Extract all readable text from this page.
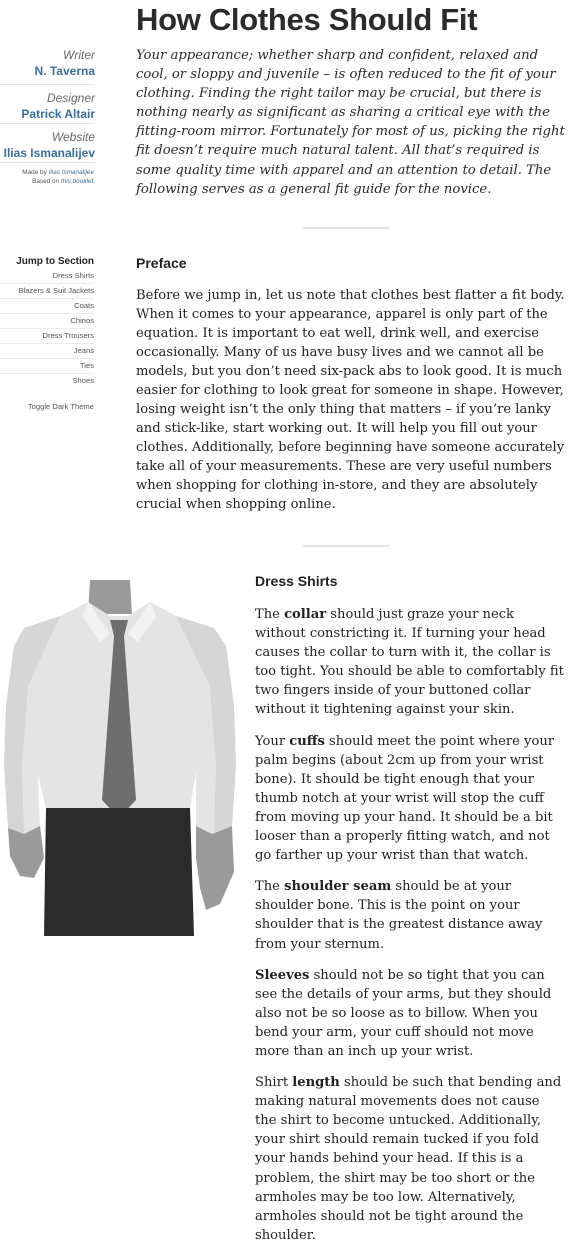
How Clothes Should Fit
Writer
N. Taverna
Designer
Patrick Altair
Website
Ilias Ismanalijev
Made by Ilias Ismanalijev.
Based on this booklet.

Your appearance; whether sharp and confident, relaxed and cool, or sloppy and juvenile – is often reduced to the fit of your clothing. Finding the right tailor may be crucial, but there is nothing nearly as significant as sharing a critical eye with the fitting-room mirror. Fortunately for most of us, picking the right fit doesn’t require much natural talent. All that’s required is some quality time with apparel and an attention to detail. The following serves as a general fit guide for the novice.

Jump to Section
Dress Shirts
Blazers & Suit Jackets
Coats
Chinos
Dress Trousers
Jeans
Ties
Shoes
Toggle Dark Theme
Preface

Before we jump in, let us note that clothes best flatter a fit body. When it comes to your appearance, apparel is only part of the equation. It is important to eat well, drink well, and exercise occasionally. Many of us have busy lives and we cannot all be models, but you don’t need six-pack abs to look good. It is much easier for clothing to look great for someone in shape. However, losing weight isn’t the only thing that matters – if you’re lanky and stick-like, start working out. It will help you fill out your clothes. Additionally, before beginning have someone accurately take all of your measurements. These are very useful numbers when shopping for clothing in-store, and they are absolutely crucial when shopping online.

Dress Shirts

The collar should just graze your neck without constricting it. If turning your head causes the collar to turn with it, the collar is too tight. You should be able to comfortably fit two fingers inside of your buttoned collar without it tightening against your skin.

Your cuffs should meet the point where your palm begins (about 2cm up from your wrist bone). It should be tight enough that your thumb notch at your wrist will stop the cuff from moving up your hand. It should be a bit looser than a properly fitting watch, and not go farther up your wrist than that watch.

The shoulder seam should be at your shoulder bone. This is the point on your shoulder that is the greatest distance away from your sternum.

Sleeves should not be so tight that you can see the details of your arms, but they should also not be so loose as to billow. When you bend your arm, your cuff should not move more than an inch up your wrist.

Shirt length should be such that bending and making natural movements does not cause the shirt to become untucked. Additionally, your shirt should remain tucked if you fold your hands behind your head. If this is a problem, the shirt may be too short or the armholes may be too low. Alternatively, armholes should not be tight around the shoulder.
